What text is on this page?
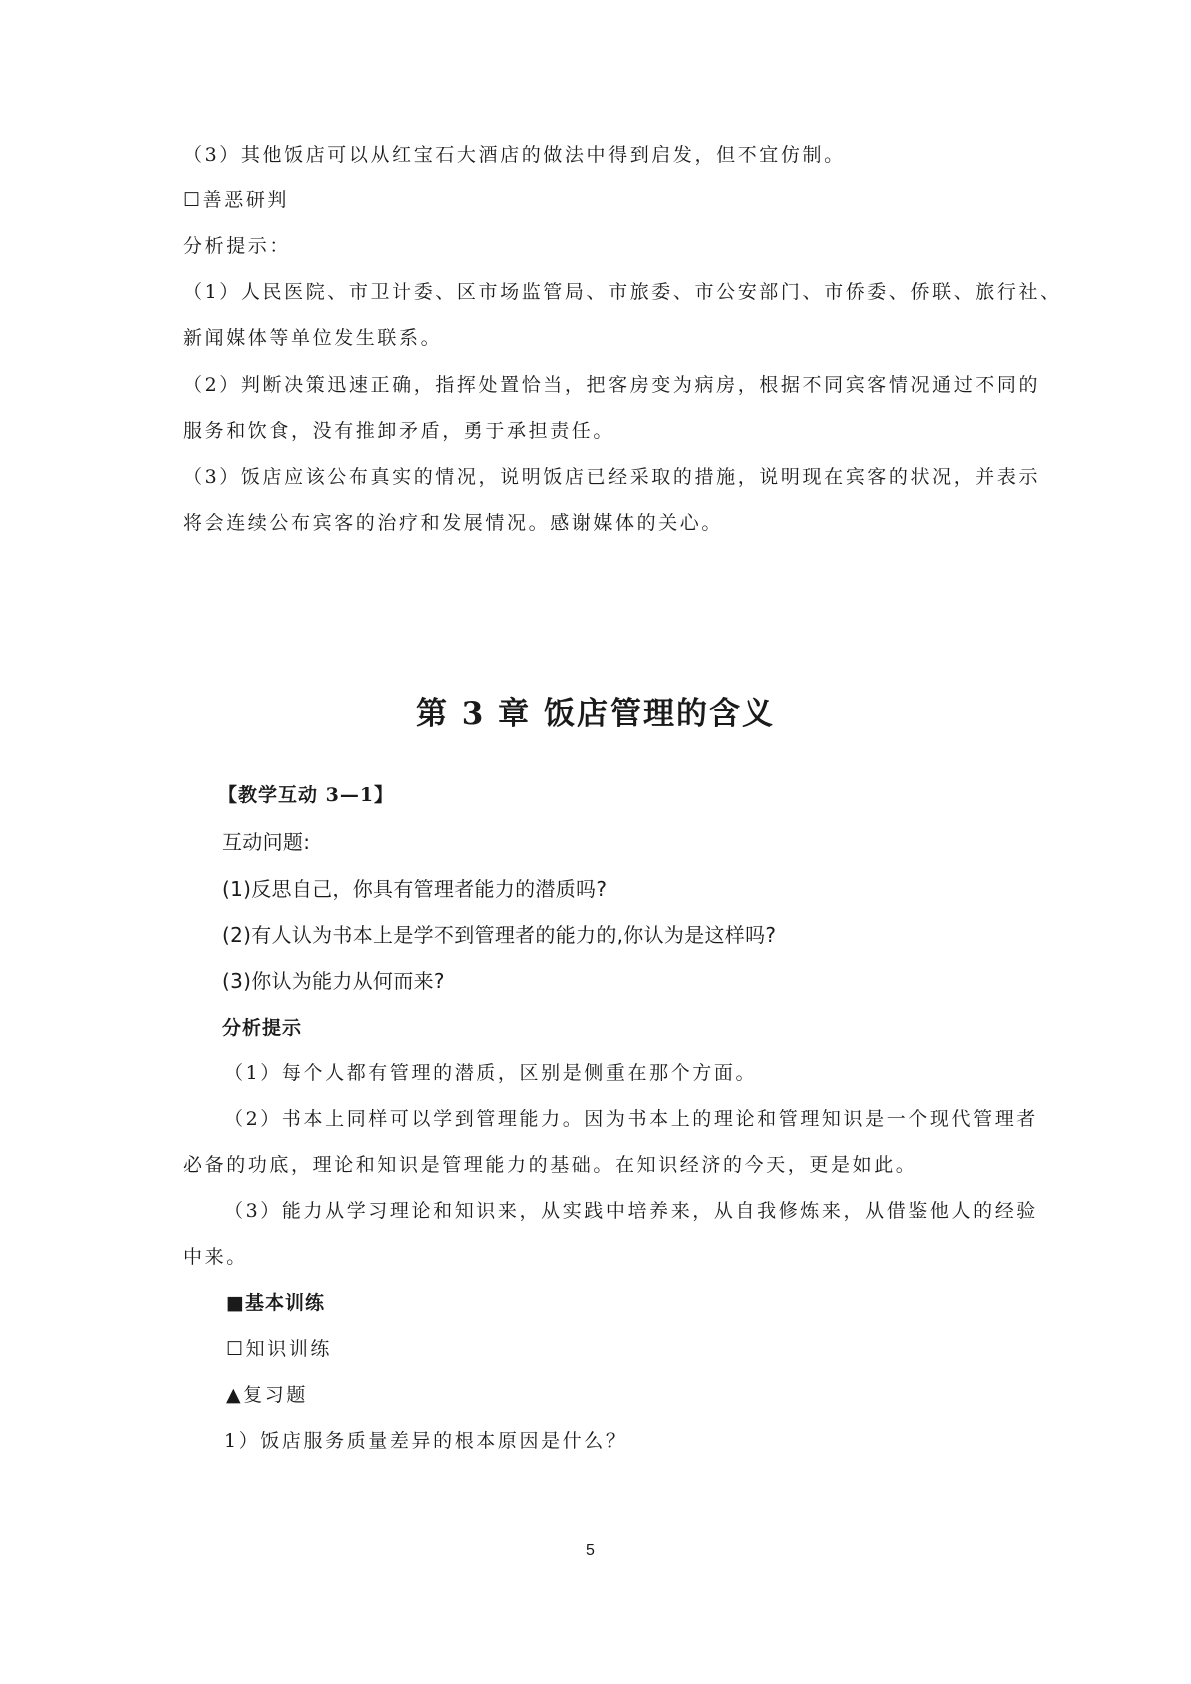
（3）其他饭店可以从红宝石大酒店的做法中得到启发，但不宜仿制。
☐善恶研判
分析提示：
（1）人民医院、市卫计委、区市场监管局、市旅委、市公安部门、市侨委、侨联、旅行社、
新闻媒体等单位发生联系。
（2）判断决策迅速正确，指挥处置恰当，把客房变为病房，根据不同宾客情况通过不同的
服务和饮食，没有推卸矛盾，勇于承担责任。
（3）饭店应该公布真实的情况，说明饭店已经采取的措施，说明现在宾客的状况，并表示
将会连续公布宾客的治疗和发展情况。感谢媒体的关心。
第 3 章 饭店管理的含义
【教学互动 3—1】
互动问题:
(1)反思自己，你具有管理者能力的潜质吗?
(2)有人认为书本上是学不到管理者的能力的,你认为是这样吗?
(3)你认为能力从何而来?
分析提示
（1）每个人都有管理的潜质，区别是侧重在那个方面。
（2）书本上同样可以学到管理能力。因为书本上的理论和管理知识是一个现代管理者
必备的功底，理论和知识是管理能力的基础。在知识经济的今天，更是如此。
（3）能力从学习理论和知识来，从实践中培养来，从自我修炼来，从借鉴他人的经验
中来。
■基本训练
☐知识训练
▲复习题
1）饭店服务质量差异的根本原因是什么？
5
